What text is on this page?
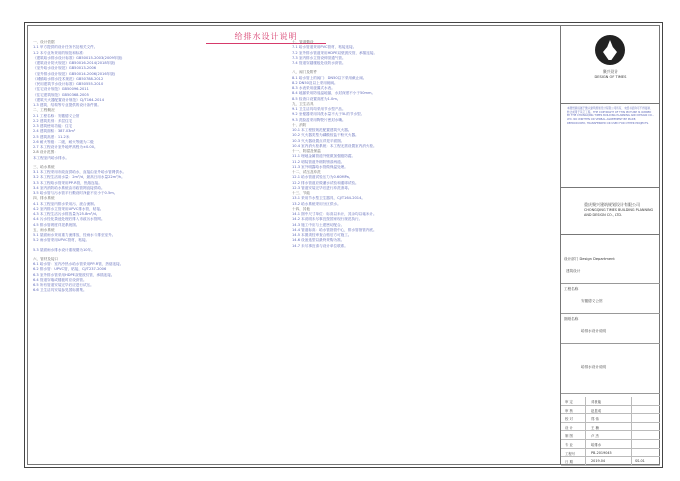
给排水设计说明
一、设计依据
1.1 甲方提供的设计任务书及相关文件。
1.2 本专业所采用的规范和标准：
《建筑给水排水设计标准》GB50015-2003(2009年版)
《建筑设计防火规范》GB50016-2014(2018年版)
《室外给水设计规范》GB50013-2006
《室外排水设计规范》GB50014-2006(2016年版)
《城镇给水排水技术规范》GB50788-2012
《民用建筑节水设计标准》GB50555-2010
《住宅设计规范》GB50096-2011
《住宅建筑规范》GB50368-2005
《建筑灭火器配置设计规范》CJ/T164-2014
1.3 建筑、结构等专业提供的设计条件图。
二、工程概况
2.1 工程名称：安徽德义公馆
2.2 建筑类别：多层住宅
2.3 建筑使用功能：住宅
2.4 建筑面积：387.03m²
2.5 建筑高度：11.2米
2.6 耐火等级：二级，耐火等级为二级
2.7 本工程设计室外地坪高程为±0.00。
2.8 设计范围：
本工程室内给水排水。
三、给水系统
3.1 本工程采用市政直供给水，直接由室外给水管网供水。
3.2 本工程生活用水量：2m³/d，最高日用水量22m³/h。
3.3 本工程给水管采用PP-R管，热熔连接。
3.4 室内消防给水系统由市政管网直接供给。
3.5 给水管与污水管平行敷设时净距不应小于0.5m。
四、排水系统
4.1 本工程室内排水采用污、废合流制。
4.2 室内排水立管采用UPVC排水管，粘接。
4.3 本工程生活污水排放量为25.8m³/d。
4.4 污水经化粪池处理后排入市政污水管网。
4.5 排水管坡度详见系统图。
五、雨水系统
5.1 屋面雨水采用重力流排放，经雨水斗排至室外。
5.2 雨水管采用UPVC管材，粘接。
5.3 屋面雨水排水设计重现期为10年。
六、管材及接口
6.1 给水管：室内冷热水给水管采用PP-R管，热熔连接。
6.2 排水管：UPVC管，粘接，CJ/T237-2006
6.3 室外排水管采用HDPE双壁波纹管，承插连接。
6.4 管道穿墙或楼板时应设套管。
6.5 所有管道安装完毕后应进行试压。
6.6 卫生洁具安装参见国标图集。
七、管道敷设
7.1 给水管道采用PVC管材，粘接连接。
7.2 室外排水管道采用HDPE双壁波纹管，承插连接。
7.3 室内排水立管设伸顶通气管。
7.4 管道穿越楼板处设防水套管。
八、阀门及附件
8.1 给水管上的阀门：DN50以下采用截止阀。
8.2 DN50及以上采用闸阀。
8.3 水表采用旋翼式水表。
8.4 地漏采用防返溢地漏，水封深度不小于50mm。
8.5 检查口设置高度为1.0m。
九、卫生洁具
9.1 卫生洁具均采用节水型产品。
9.2 坐便器采用冲洗水量不大于5L的节水型。
9.3 洗脸盆采用陶瓷片密封水嘴。
十、消防
10.1 本工程按规范配置建筑灭火器。
10.2 灭火器类型为磷酸铵盐干粉灭火器。
10.3 灭火器设置点详见平面图。
10.4 室内消火栓系统：本工程无需设置室内消火栓。
十一、防腐及保温
11.1 埋地金属管道外壁做加强级防腐。
11.2 明装管道外刷防锈漆两道。
11.3 室外明露给水管做保温处理。
十二、试压及冲洗
12.1 给水管道试验压力为0.60MPa。
12.2 排水管道应做灌水试验和通球试验。
12.3 管道安装完毕后进行冲洗消毒。
十三、节能
13.1 采用节水型卫生器具，CJ/T164-2014。
13.2 给水系统采用分区供水。
十四、其他
14.1 图中尺寸单位：标高以米计，其余均以毫米计。
14.2 本说明未尽事宜按国家现行规范执行。
14.3 施工中应与土建密切配合。
14.4 管道标高：给水管指管中心，排水管指管内底。
14.5 本图须经审查合格后方可施工。
14.6 设备选型以最终采购为准。
14.7 未尽事宜请与设计单位联系。
聚兴设计
DESIGN OF TIMES
本图纸版权属于聚兴建筑规划设计有限公司所有，未经书面许可不得复制、转让或用于其它工程。THE COPYRIGHT OF THIS PICTURE IS OWNED BY THE CHONGQING TIMES BUILDING PLANNING AND DESIGN CO., LTD. NO WRITTEN OR VERBAL AGREEMENT BE MADE, REPRODUCED, TRANSFERRED OR USED FOR OTHER PROJECTS.
重庆聚兴建筑规划设计有限公司
CHONGQING TIMES BUILDING PLANNING
AND DESIGN CO., LTD.
设计部门 Design Department
建筑设计
工程名称
安徽德义公馆
图纸名称
给排水设计说明
给排水设计说明
审 定	邓世能
审 核	赵显成
校 对	郑 伟
设 计	王 楠
制 图	卢 杰
专 业	给排水
工程号	PB-2019045
日 期	2019.04	SS-01
